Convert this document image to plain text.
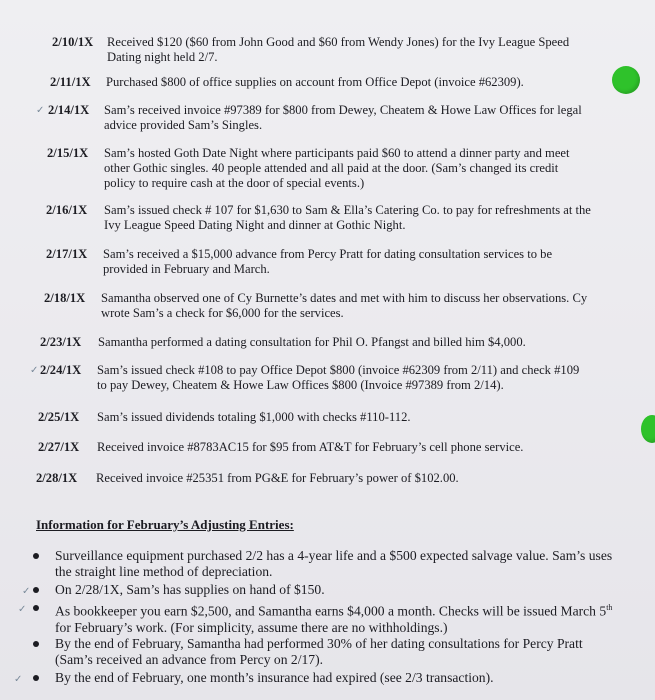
2/10/1X	Received $120 ($60 from John Good and $60 from Wendy Jones) for the Ivy League Speed
Dating night held 2/7.
2/11/1X	Purchased $800 of office supplies on account from Office Depot (invoice #62309).
✓ 2/14/1X	Sam’s received invoice #97389 for $800 from Dewey, Cheatem & Howe Law Offices for legal
advice provided Sam’s Singles.
2/15/1X	Sam’s hosted Goth Date Night where participants paid $60 to attend a dinner party and meet
other Gothic singles. 40 people attended and all paid at the door. (Sam’s changed its credit
policy to require cash at the door of special events.)
2/16/1X	Sam’s issued check # 107 for $1,630 to Sam & Ella’s Catering Co. to pay for refreshments at the
Ivy League Speed Dating Night and dinner at Gothic Night.
2/17/1X	Sam’s received a $15,000 advance from Percy Pratt for dating consultation services to be
provided in February and March.
2/18/1X	Samantha observed one of Cy Burnette’s dates and met with him to discuss her observations. Cy
wrote Sam’s a check for $6,000 for the services.
2/23/1X	Samantha performed a dating consultation for Phil O. Pfangst and billed him $4,000.
✓ 2/24/1X	Sam’s issued check #108 to pay Office Depot $800 (invoice #62309 from 2/11) and check #109
to pay Dewey, Cheatem & Howe Law Offices $800 (Invoice #97389 from 2/14).
2/25/1X	Sam’s issued dividends totaling $1,000 with checks #110-112.
2/27/1X	Received invoice #8783AC15 for $95 from AT&T for February’s cell phone service.
2/28/1X	Received invoice #25351 from PG&E for February’s power of $102.00.
Information for February’s Adjusting Entries:
Surveillance equipment purchased 2/2 has a 4-year life and a $500 expected salvage value. Sam’s uses
the straight line method of depreciation.
✓ On 2/28/1X, Sam’s has supplies on hand of $150.
✓ As bookkeeper you earn $2,500, and Samantha earns $4,000 a month. Checks will be issued March 5th
for February’s work. (For simplicity, assume there are no withholdings.)
By the end of February, Samantha had performed 30% of her dating consultations for Percy Pratt
(Sam’s received an advance from Percy on 2/17).
✓ By the end of February, one month’s insurance had expired (see 2/3 transaction).
